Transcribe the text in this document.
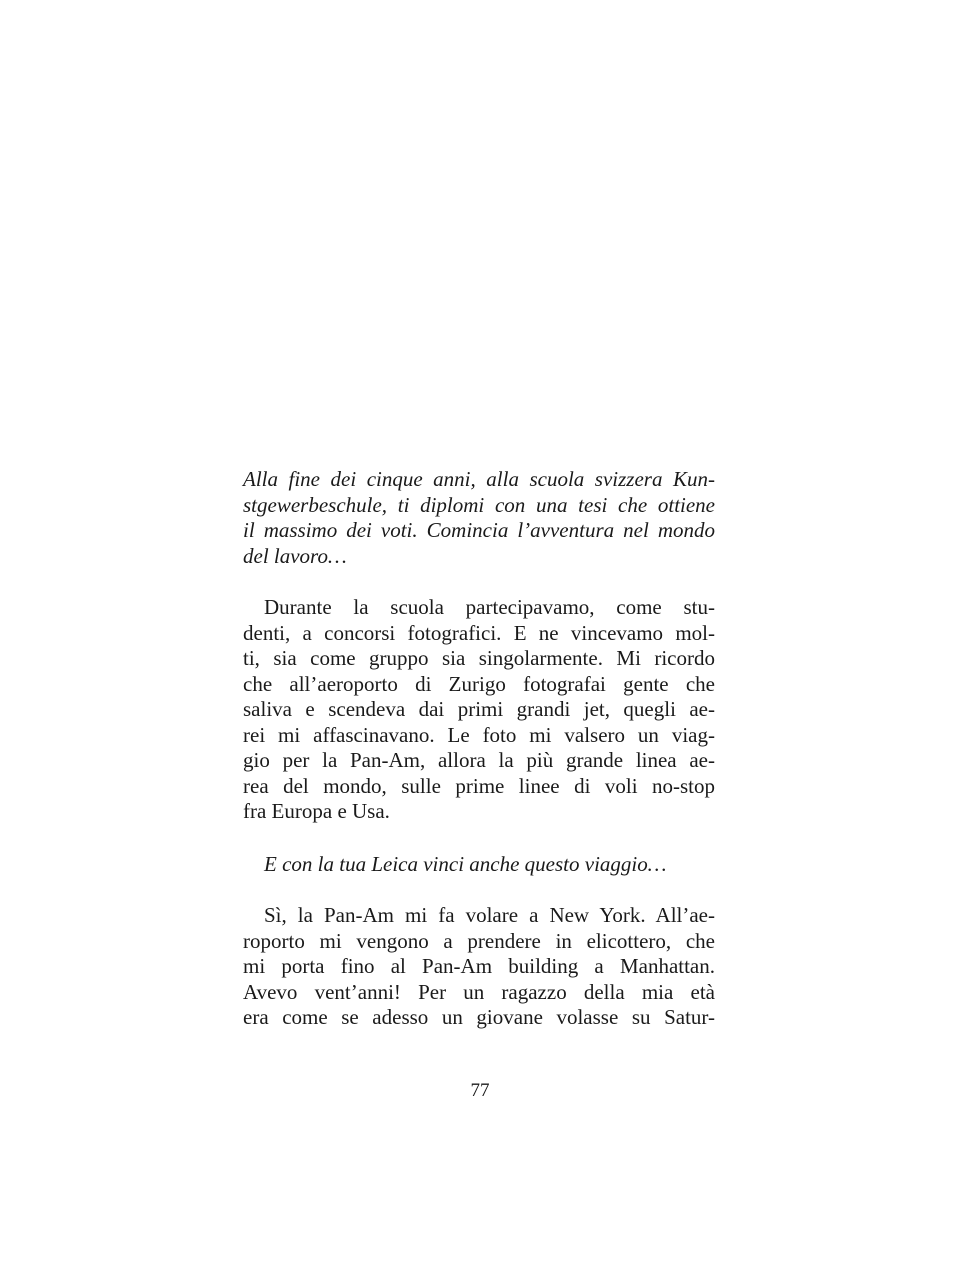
Alla fine dei cinque anni, alla scuola svizzera Kun-
stgewerbeschule, ti diplomi con una tesi che ottiene
il massimo dei voti. Comincia l’avventura nel mondo
del lavoro…
Durante la scuola partecipavamo, come stu-
denti, a concorsi fotografici. E ne vincevamo mol-
ti, sia come gruppo sia singolarmente. Mi ricordo
che all’aeroporto di Zurigo fotografai gente che
saliva e scendeva dai primi grandi jet, quegli ae-
rei mi affascinavano. Le foto mi valsero un viag-
gio per la Pan-Am, allora la più grande linea ae-
rea del mondo, sulle prime linee di voli no-stop
fra Europa e Usa.
E con la tua Leica vinci anche questo viaggio…
Sì, la Pan-Am mi fa volare a New York. All’ae-
roporto mi vengono a prendere in elicottero, che
mi porta fino al Pan-Am building a Manhattan.
Avevo vent’anni! Per un ragazzo della mia età
era come se adesso un giovane volasse su Satur-
77
